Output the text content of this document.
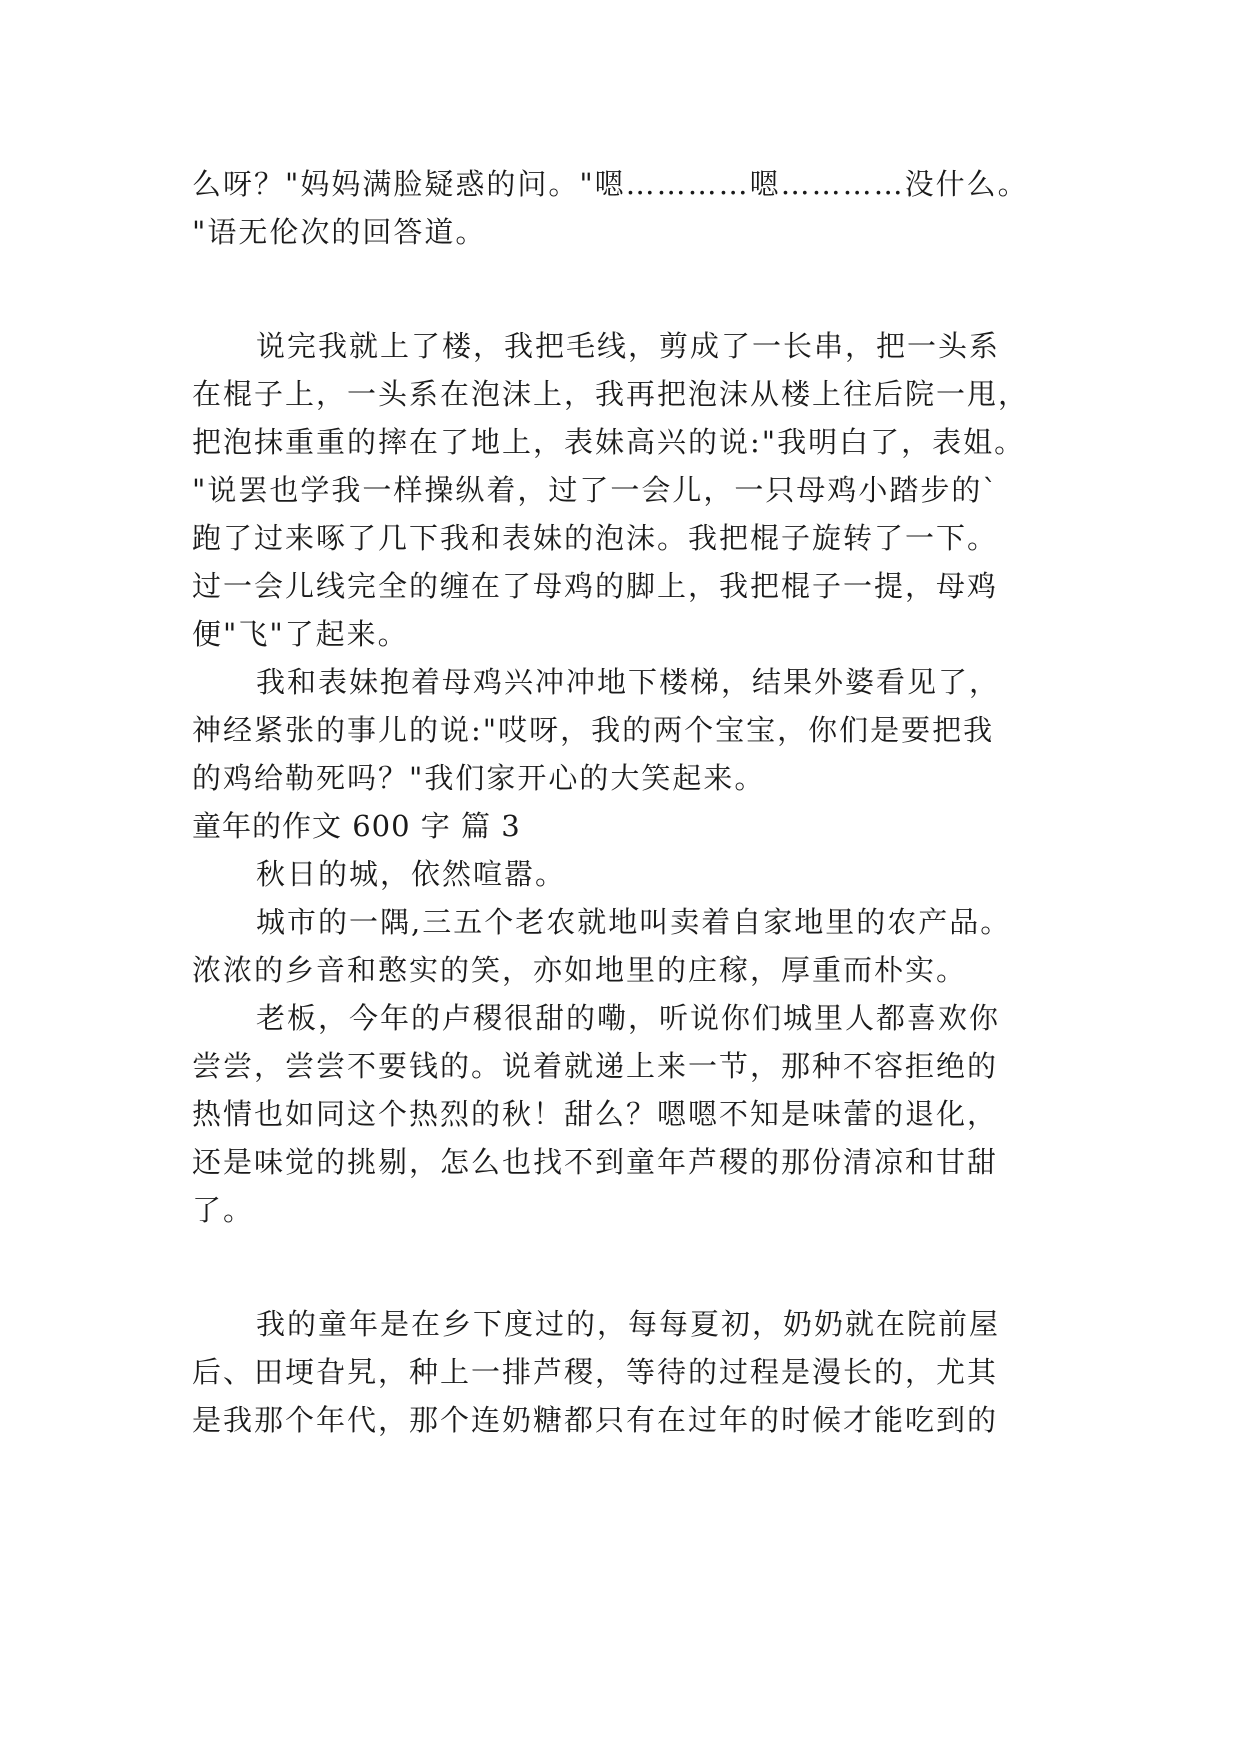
么呀？"妈妈满脸疑惑的问。"嗯…………嗯…………没什么。
"语无伦次的回答道。
说完我就上了楼，我把毛线，剪成了一长串，把一头系
在棍子上，一头系在泡沫上，我再把泡沫从楼上往后院一甩，
把泡抹重重的摔在了地上，表妹高兴的说:"我明白了，表姐。
"说罢也学我一样操纵着，过了一会儿，一只母鸡小踏步的`
跑了过来啄了几下我和表妹的泡沫。我把棍子旋转了一下。
过一会儿线完全的缠在了母鸡的脚上，我把棍子一提，母鸡
便"飞"了起来。
我和表妹抱着母鸡兴冲冲地下楼梯，结果外婆看见了，
神经紧张的事儿的说:"哎呀，我的两个宝宝，你们是要把我
的鸡给勒死吗？"我们家开心的大笑起来。
童年的作文 600 字 篇 3
秋日的城，依然喧嚣。
城市的一隅,三五个老农就地叫卖着自家地里的农产品。
浓浓的乡音和憨实的笑，亦如地里的庄稼，厚重而朴实。
老板，今年的卢稷很甜的嘞，听说你们城里人都喜欢你
尝尝，尝尝不要钱的。说着就递上来一节，那种不容拒绝的
热情也如同这个热烈的秋！甜么？嗯嗯不知是味蕾的退化，
还是味觉的挑剔，怎么也找不到童年芦稷的那份清凉和甘甜
了。
我的童年是在乡下度过的，每每夏初，奶奶就在院前屋
后、田埂旮旯，种上一排芦稷，等待的过程是漫长的，尤其
是我那个年代，那个连奶糖都只有在过年的时候才能吃到的
